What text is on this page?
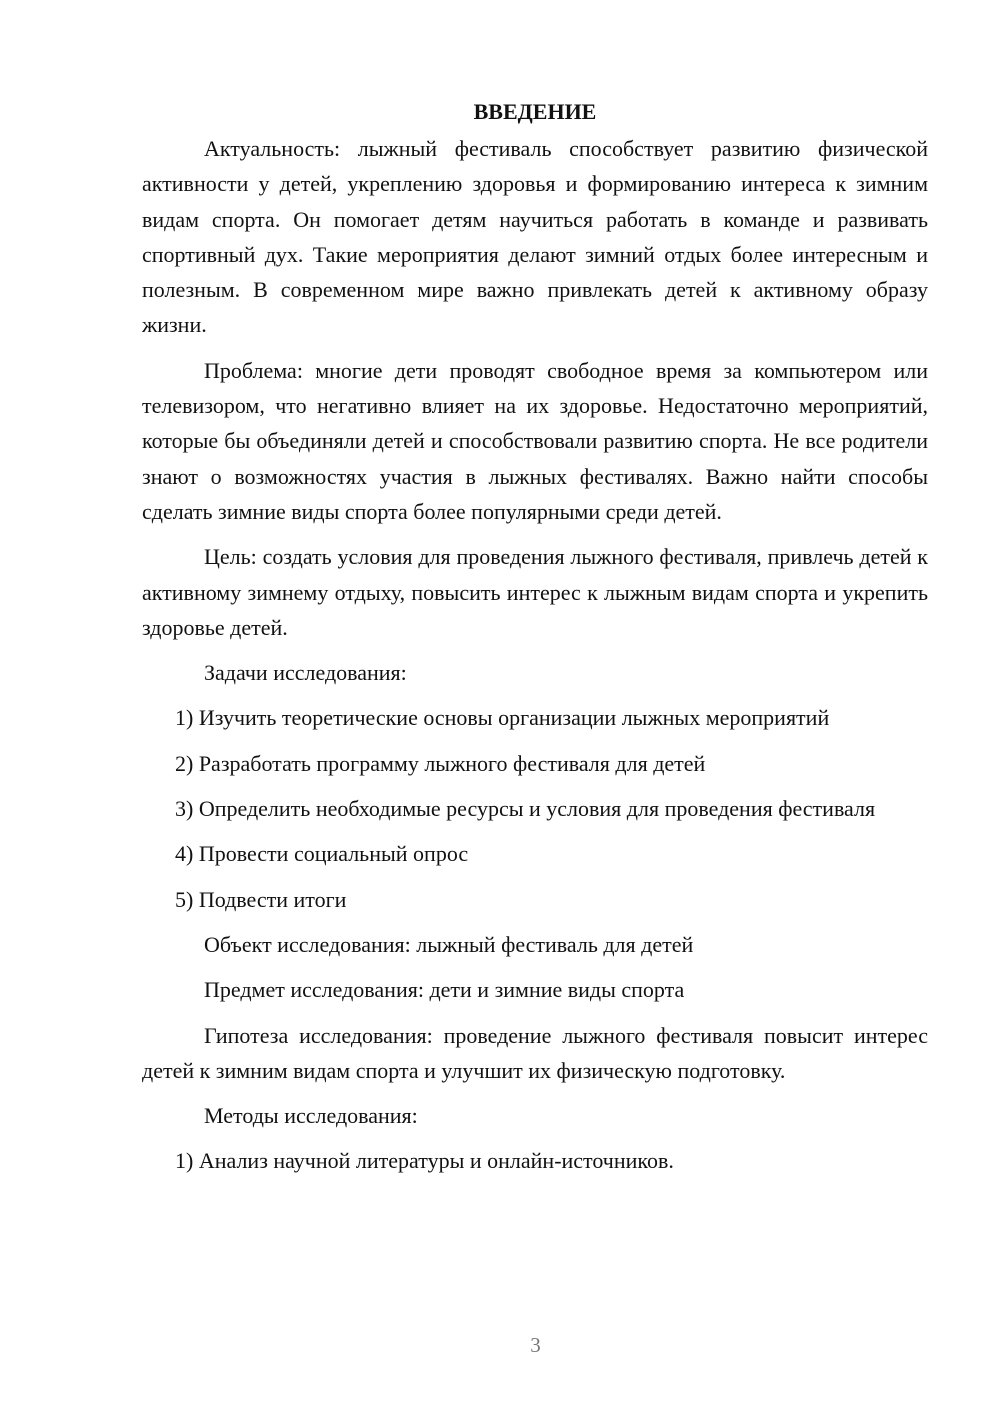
ВВЕДЕНИЕ

Актуальность: лыжный фестиваль способствует развитию физической активности у детей, укреплению здоровья и формированию интереса к зимним видам спорта. Он помогает детям научиться работать в команде и развивать спортивный дух. Такие мероприятия делают зимний отдых более интересным и полезным. В современном мире важно привлекать детей к активному образу жизни.

Проблема: многие дети проводят свободное время за компьютером или телевизором, что негативно влияет на их здоровье. Недостаточно мероприятий, которые бы объединяли детей и способствовали развитию спорта. Не все родители знают о возможностях участия в лыжных фестивалях. Важно найти способы сделать зимние виды спорта более популярными среди детей.

Цель: создать условия для проведения лыжного фестиваля, привлечь детей к активному зимнему отдыху, повысить интерес к лыжным видам спорта и укрепить здоровье детей.

Задачи исследования:

1) Изучить теоретические основы организации лыжных мероприятий

2) Разработать программу лыжного фестиваля для детей

3) Определить необходимые ресурсы и условия для проведения фестиваля

4) Провести социальный опрос

5) Подвести итоги

Объект исследования: лыжный фестиваль для детей

Предмет исследования: дети и зимние виды спорта

Гипотеза исследования: проведение лыжного фестиваля повысит интерес детей к зимним видам спорта и улучшит их физическую подготовку.

Методы исследования:

1) Анализ научной литературы и онлайн-источников.

3
